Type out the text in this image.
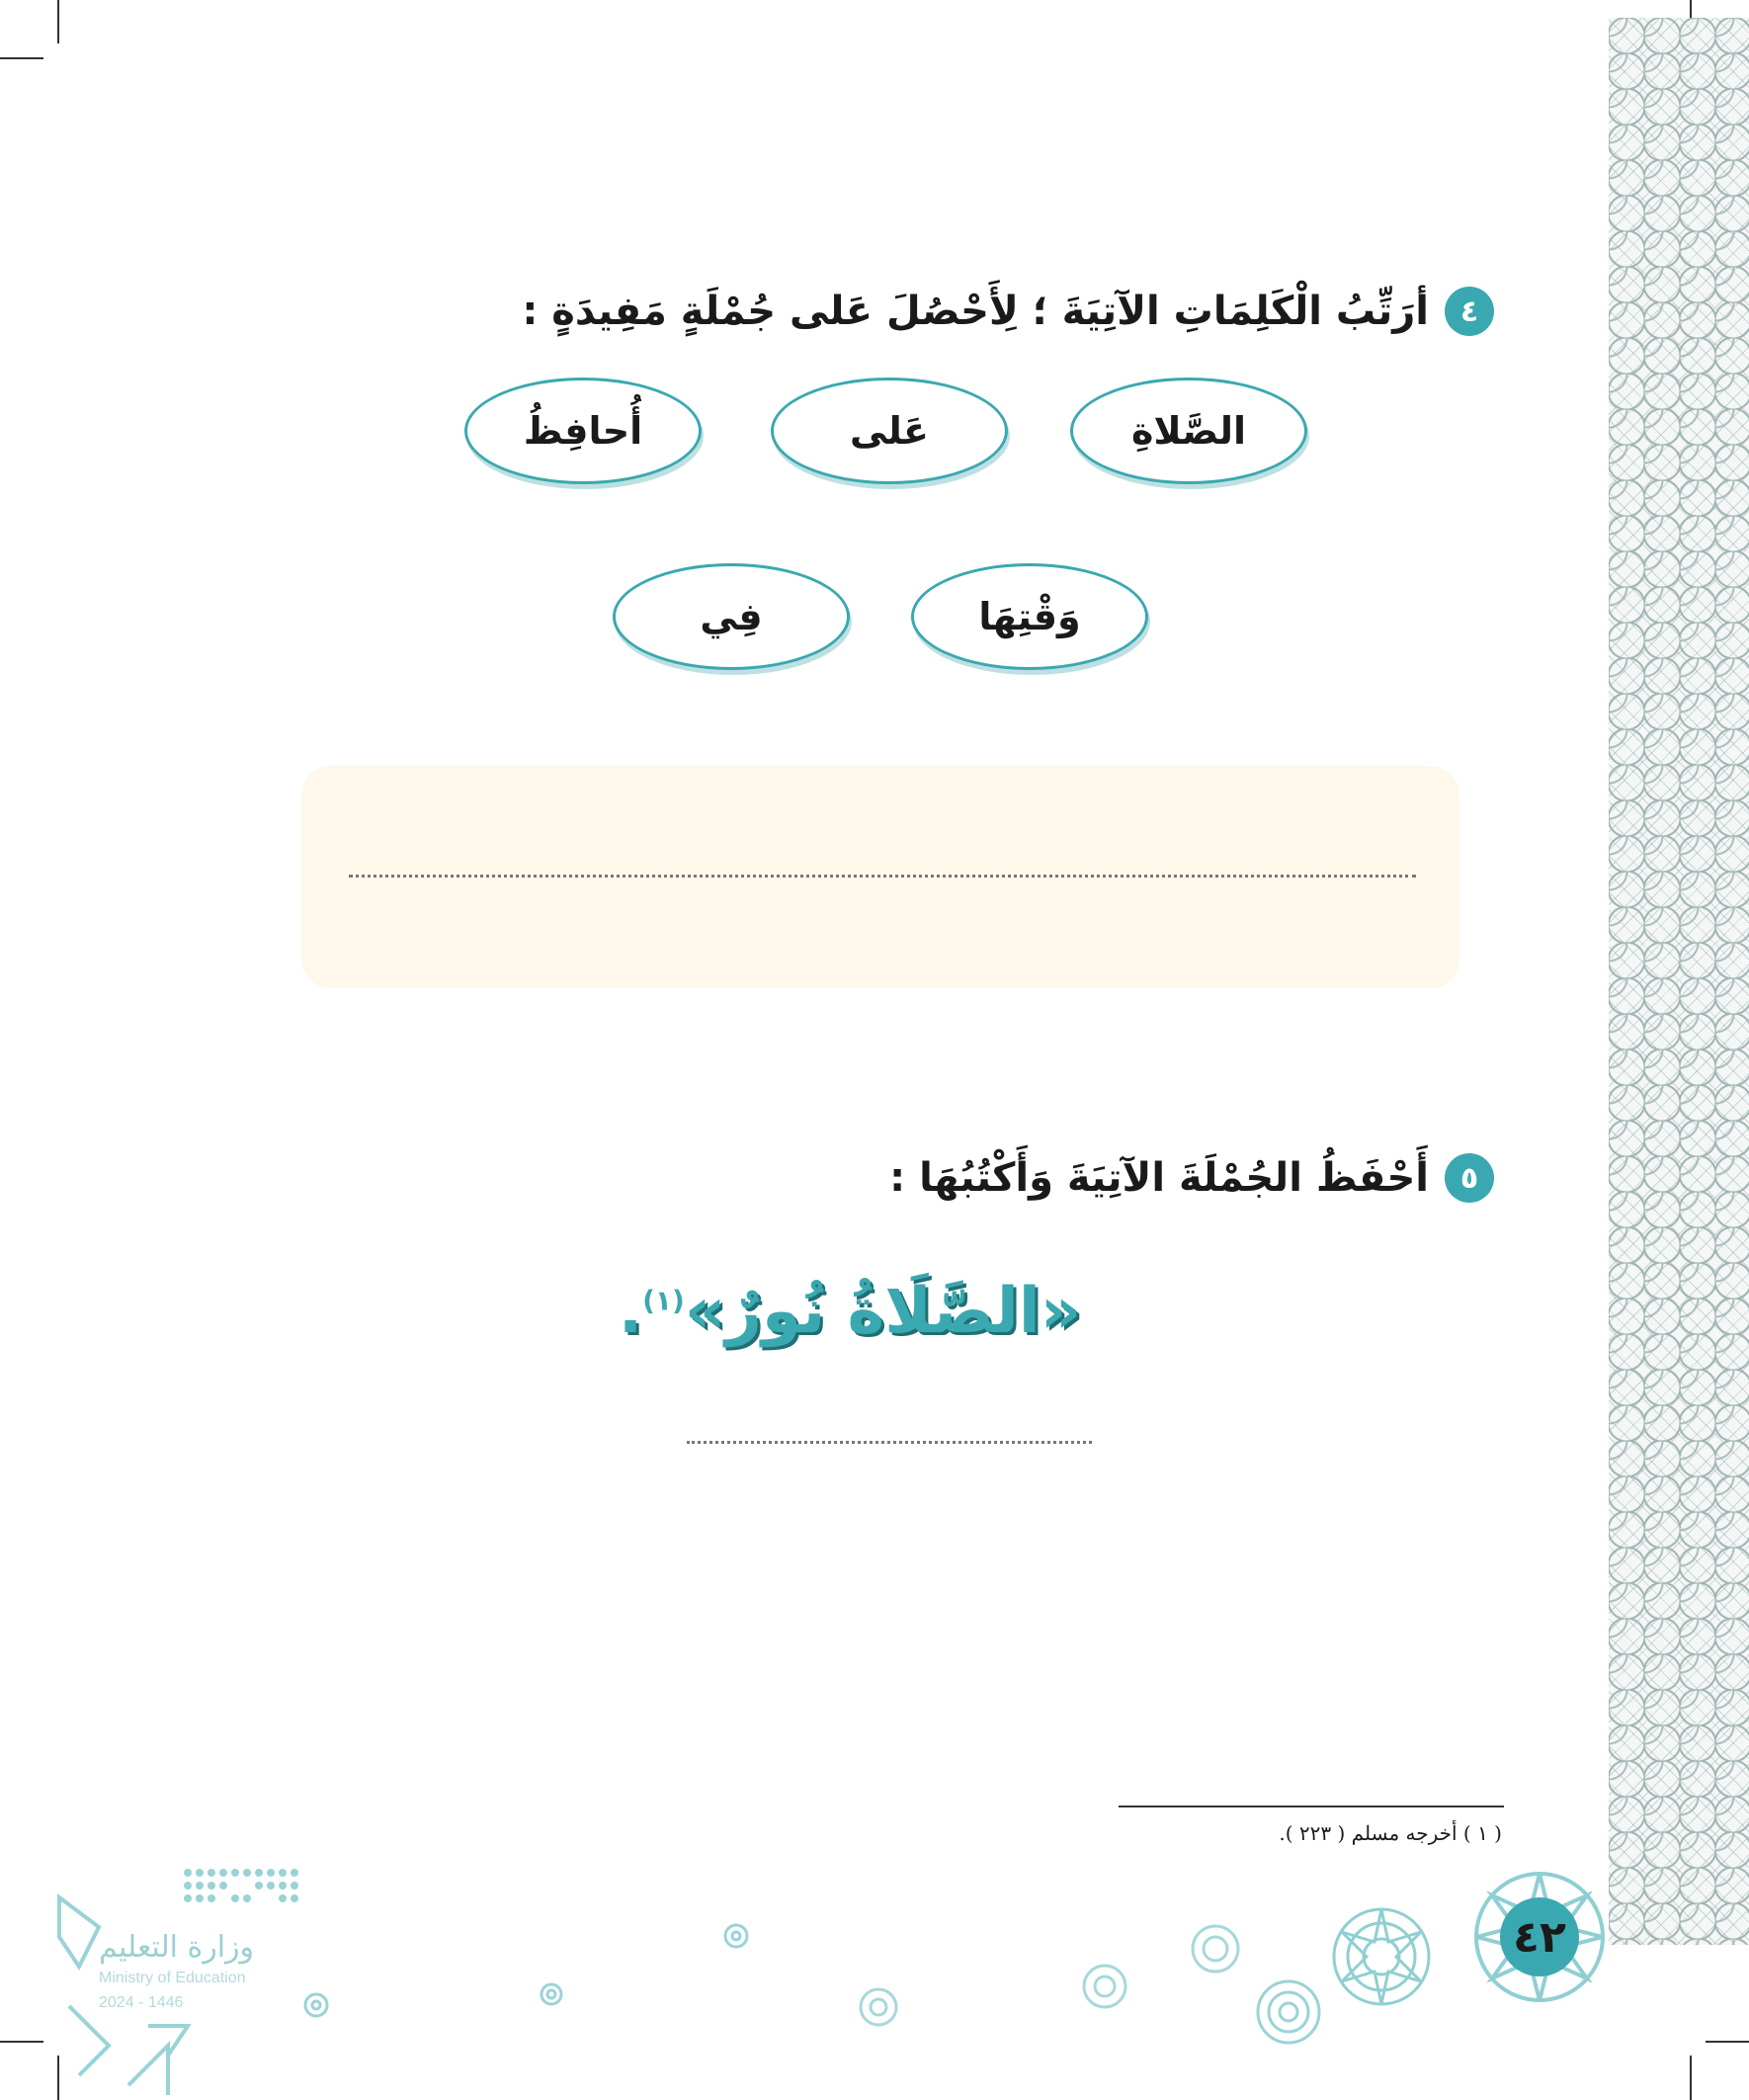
٤
أرَتِّبُ الْكَلِمَاتِ الآتِيَةَ ؛ لِأَحْصُلَ عَلى جُمْلَةٍ مَفِيدَةٍ :
الصَّلاةِ
عَلى
أُحافِظُ
وَقْتِهَا
فِي
٥
أَحْفَظُ الجُمْلَةَ الآتِيَةَ وَأَكْتُبُهَا :
«الصَّلَاةُ نُورٌ»$^{(١)}$.
( ١ ) أخرجه مسلم ( ٢٢٣ ).
٤٢
وزارة التعليم
Ministry of Education
2024 - 1446
